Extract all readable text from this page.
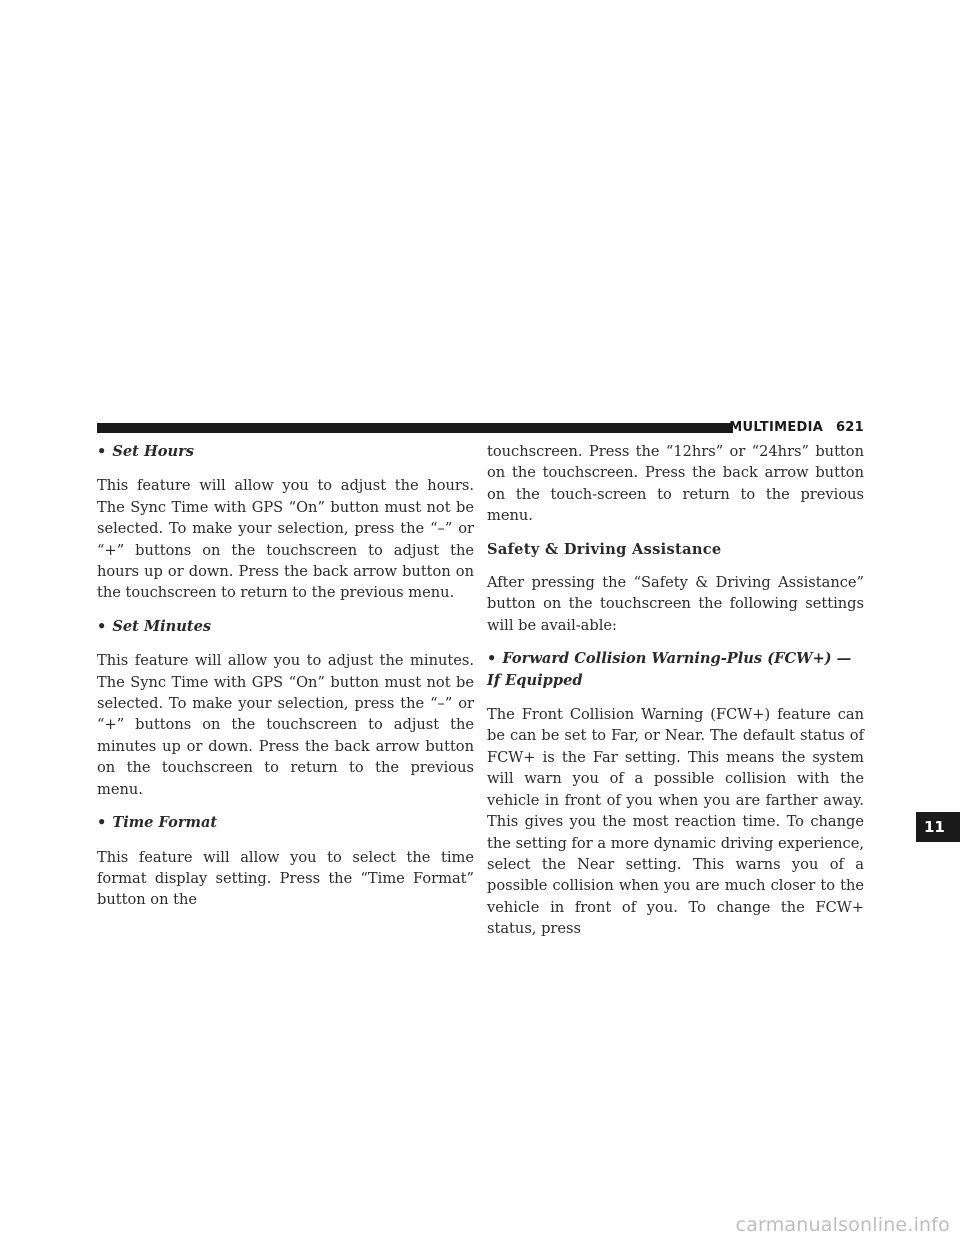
MULTIMEDIA 621
• Set Hours

This feature will allow you to adjust the hours. The Sync Time with GPS “On” button must not be selected. To make your selection, press the “–” or “+” buttons on the touchscreen to adjust the hours up or down. Press the back arrow button on the touchscreen to return to the previous menu.

• Set Minutes

This feature will allow you to adjust the minutes. The Sync Time with GPS “On” button must not be selected. To make your selection, press the “–” or “+” buttons on the touchscreen to adjust the minutes up or down. Press the back arrow button on the touchscreen to return to the previous menu.

• Time Format

This feature will allow you to select the time format display setting. Press the “Time Format” button on the

touchscreen. Press the “12hrs” or “24hrs” button on the touchscreen. Press the back arrow button on the touch-screen to return to the previous menu.

Safety & Driving Assistance

After pressing the “Safety & Driving Assistance” button on the touchscreen the following settings will be avail-able:

• Forward Collision Warning-Plus (FCW+) — If Equipped

The Front Collision Warning (FCW+) feature can be can be set to Far, or Near. The default status of FCW+ is the Far setting. This means the system will warn you of a possible collision with the vehicle in front of you when you are farther away. This gives you the most reaction time. To change the setting for a more dynamic driving experience, select the Near setting. This warns you of a possible collision when you are much closer to the vehicle in front of you. To change the FCW+ status, press

11
carmanualsonline.info
